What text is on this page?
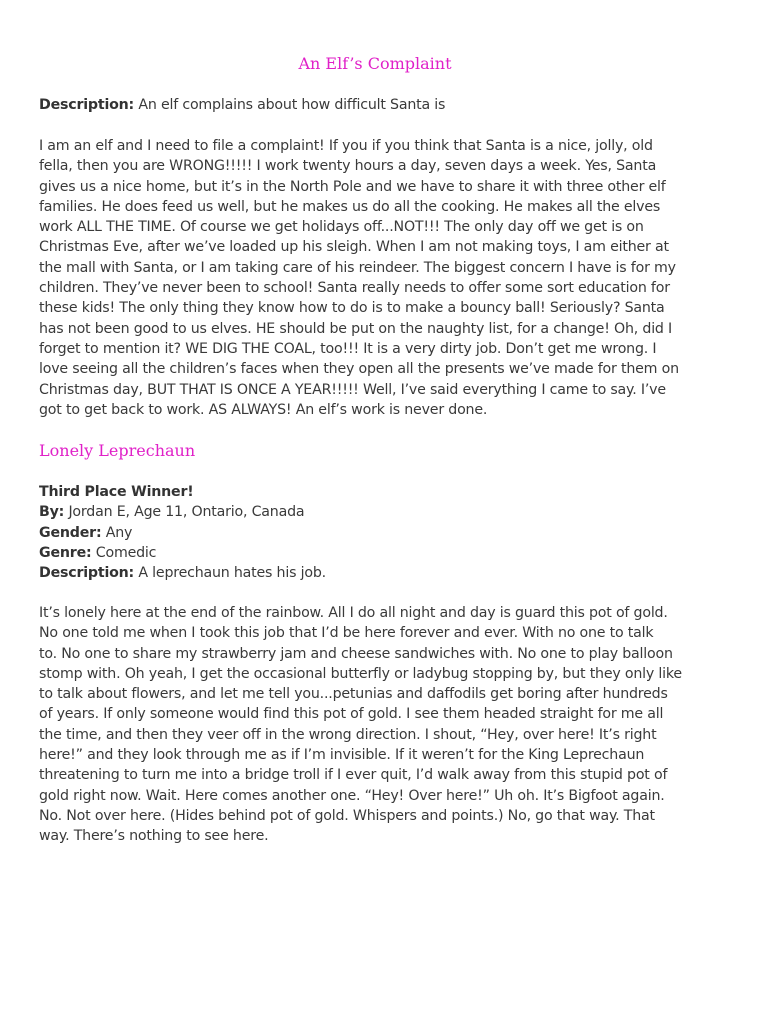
An Elf’s Complaint

Description: An elf complains about how difficult Santa is

I am an elf and I need to file a complaint! If you if you think that Santa is a nice, jolly, old
fella, then you are WRONG!!!!! I work twenty hours a day, seven days a week. Yes, Santa
gives us a nice home, but it’s in the North Pole and we have to share it with three other elf
families. He does feed us well, but he makes us do all the cooking. He makes all the elves
work ALL THE TIME. Of course we get holidays off...NOT!!! The only day off we get is on
Christmas Eve, after we’ve loaded up his sleigh. When I am not making toys, I am either at
the mall with Santa, or I am taking care of his reindeer. The biggest concern I have is for my
children. They’ve never been to school! Santa really needs to offer some sort education for
these kids! The only thing they know how to do is to make a bouncy ball! Seriously? Santa
has not been good to us elves. HE should be put on the naughty list, for a change! Oh, did I
forget to mention it? WE DIG THE COAL, too!!! It is a very dirty job. Don’t get me wrong. I
love seeing all the children’s faces when they open all the presents we’ve made for them on
Christmas day, BUT THAT IS ONCE A YEAR!!!!! Well, I’ve said everything I came to say. I’ve
got to get back to work. AS ALWAYS! An elf’s work is never done.
Lonely Leprechaun
Third Place Winner!
By: Jordan E, Age 11, Ontario, Canada
Gender: Any
Genre: Comedic
Description: A leprechaun hates his job.
It’s lonely here at the end of the rainbow. All I do all night and day is guard this pot of gold.
No one told me when I took this job that I’d be here forever and ever. With no one to talk
to. No one to share my strawberry jam and cheese sandwiches with. No one to play balloon
stomp with. Oh yeah, I get the occasional butterfly or ladybug stopping by, but they only like
to talk about flowers, and let me tell you...petunias and daffodils get boring after hundreds
of years. If only someone would find this pot of gold. I see them headed straight for me all
the time, and then they veer off in the wrong direction. I shout, “Hey, over here! It’s right
here!” and they look through me as if I’m invisible. If it weren’t for the King Leprechaun
threatening to turn me into a bridge troll if I ever quit, I’d walk away from this stupid pot of
gold right now. Wait. Here comes another one. “Hey! Over here!” Uh oh. It’s Bigfoot again.
No. Not over here. (Hides behind pot of gold. Whispers and points.) No, go that way. That
way. There’s nothing to see here.
